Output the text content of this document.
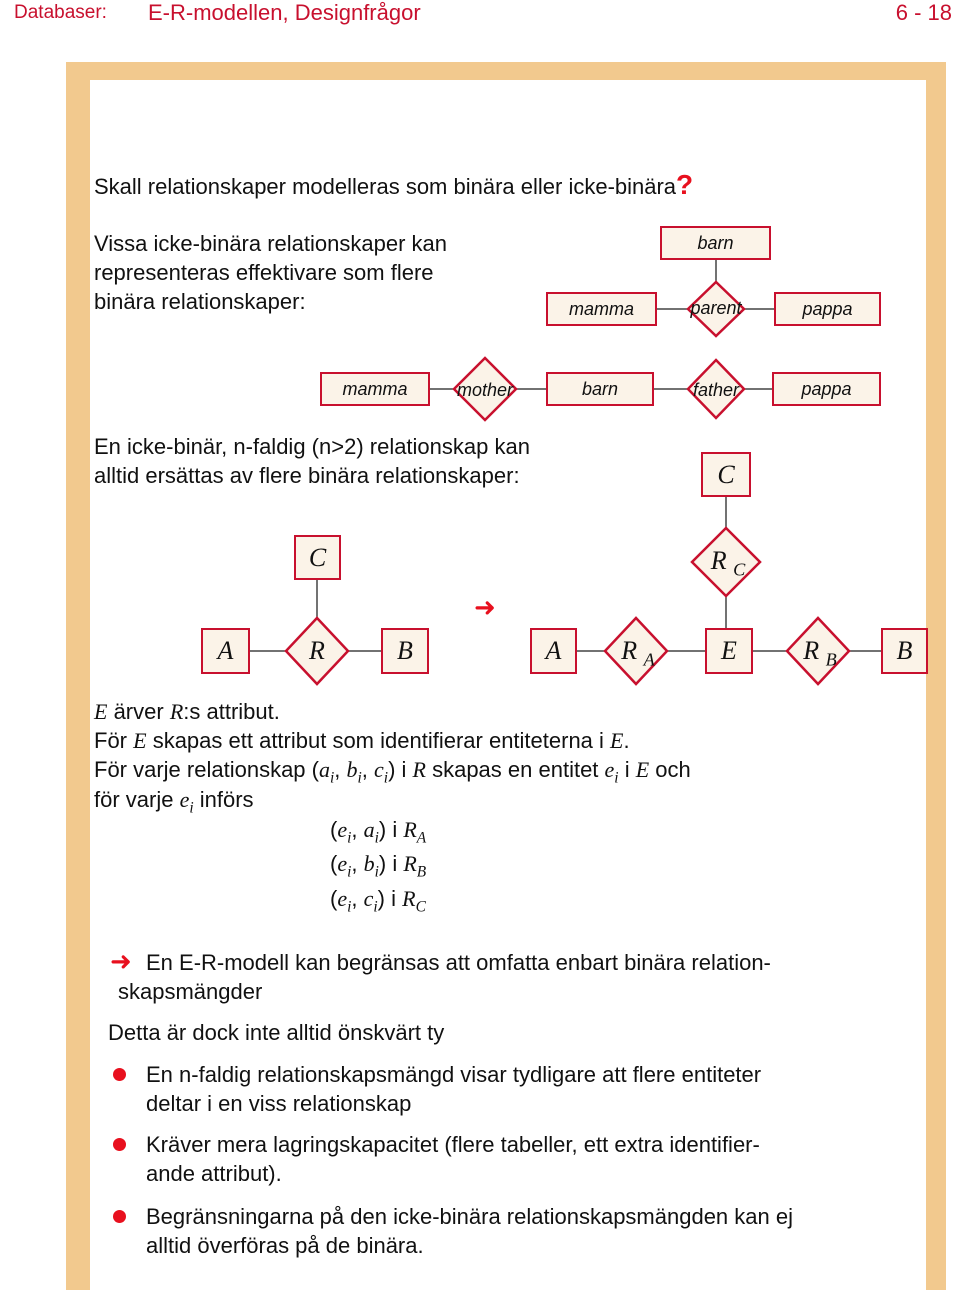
Databaser: E-R-modellen, Designfrågor	6 - 18
Skall relationskaper modelleras som binära eller icke-binära?
Vissa icke-binära relationskaper kan
representeras effektivare som flere
binära relationskaper:	mamma
barn
pappa
parent
mamma	mother	barn	father	pappa
En icke-binär, n-faldig (n>2) relationskap kan
alltid ersättas av flere binära relationskaper:
C
A	R	B
➜
C
R $_C$
A	R $_A$	E	R $_B$	B
E ärver R:s attribut.
För E skapas ett attribut som identifierar entiteterna i E.
För varje relationskap ($a_i$, $b_i$, $c_i$) i R skapas en entitet $e_i$ i E och
för varje $e_i$ införs
($e_i$, $a_i$) i $R_A$
($e_i$, $b_i$) i $R_B$
($e_i$, $c_i$) i $R_C$
➜ En E-R-modell kan begränsas att omfatta enbart binära relation-
skapsmängder
Detta är dock inte alltid önskvärt ty
En n-faldig relationskapsmängd visar tydligare att flere entiteter
deltar i en viss relationskap
Kräver mera lagringskapacitet (flere tabeller, ett extra identifier-
ande attribut).
Begränsningarna på den icke-binära relationskapsmängden kan ej
alltid överföras på de binära.
